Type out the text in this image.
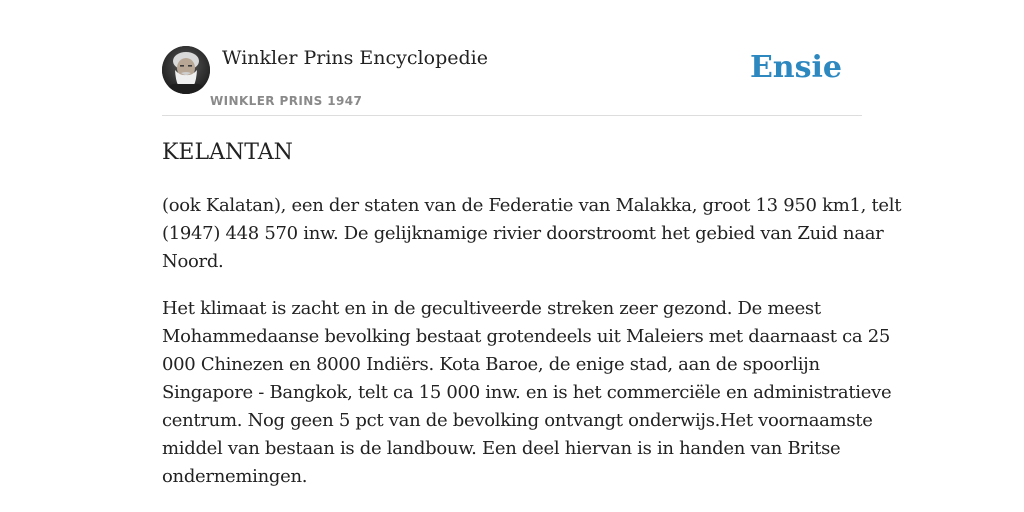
Winkler Prins Encyclopedie
WINKLER PRINS 1947
Ensie
KELANTAN

(ook Kalatan), een der staten van de Federatie van Malakka, groot 13 950 km1, telt
(1947) 448 570 inw. De gelijknamige rivier doorstroomt het gebied van Zuid naar
Noord.

Het klimaat is zacht en in de gecultiveerde streken zeer gezond. De meest
Mohammedaanse bevolking bestaat grotendeels uit Maleiers met daarnaast ca 25
000 Chinezen en 8000 Indiërs. Kota Baroe, de enige stad, aan de spoorlijn
Singapore - Bangkok, telt ca 15 000 inw. en is het commerciële en administratieve
centrum. Nog geen 5 pct van de bevolking ontvangt onderwijs.Het voornaamste
middel van bestaan is de landbouw. Een deel hiervan is in handen van Britse
ondernemingen.
